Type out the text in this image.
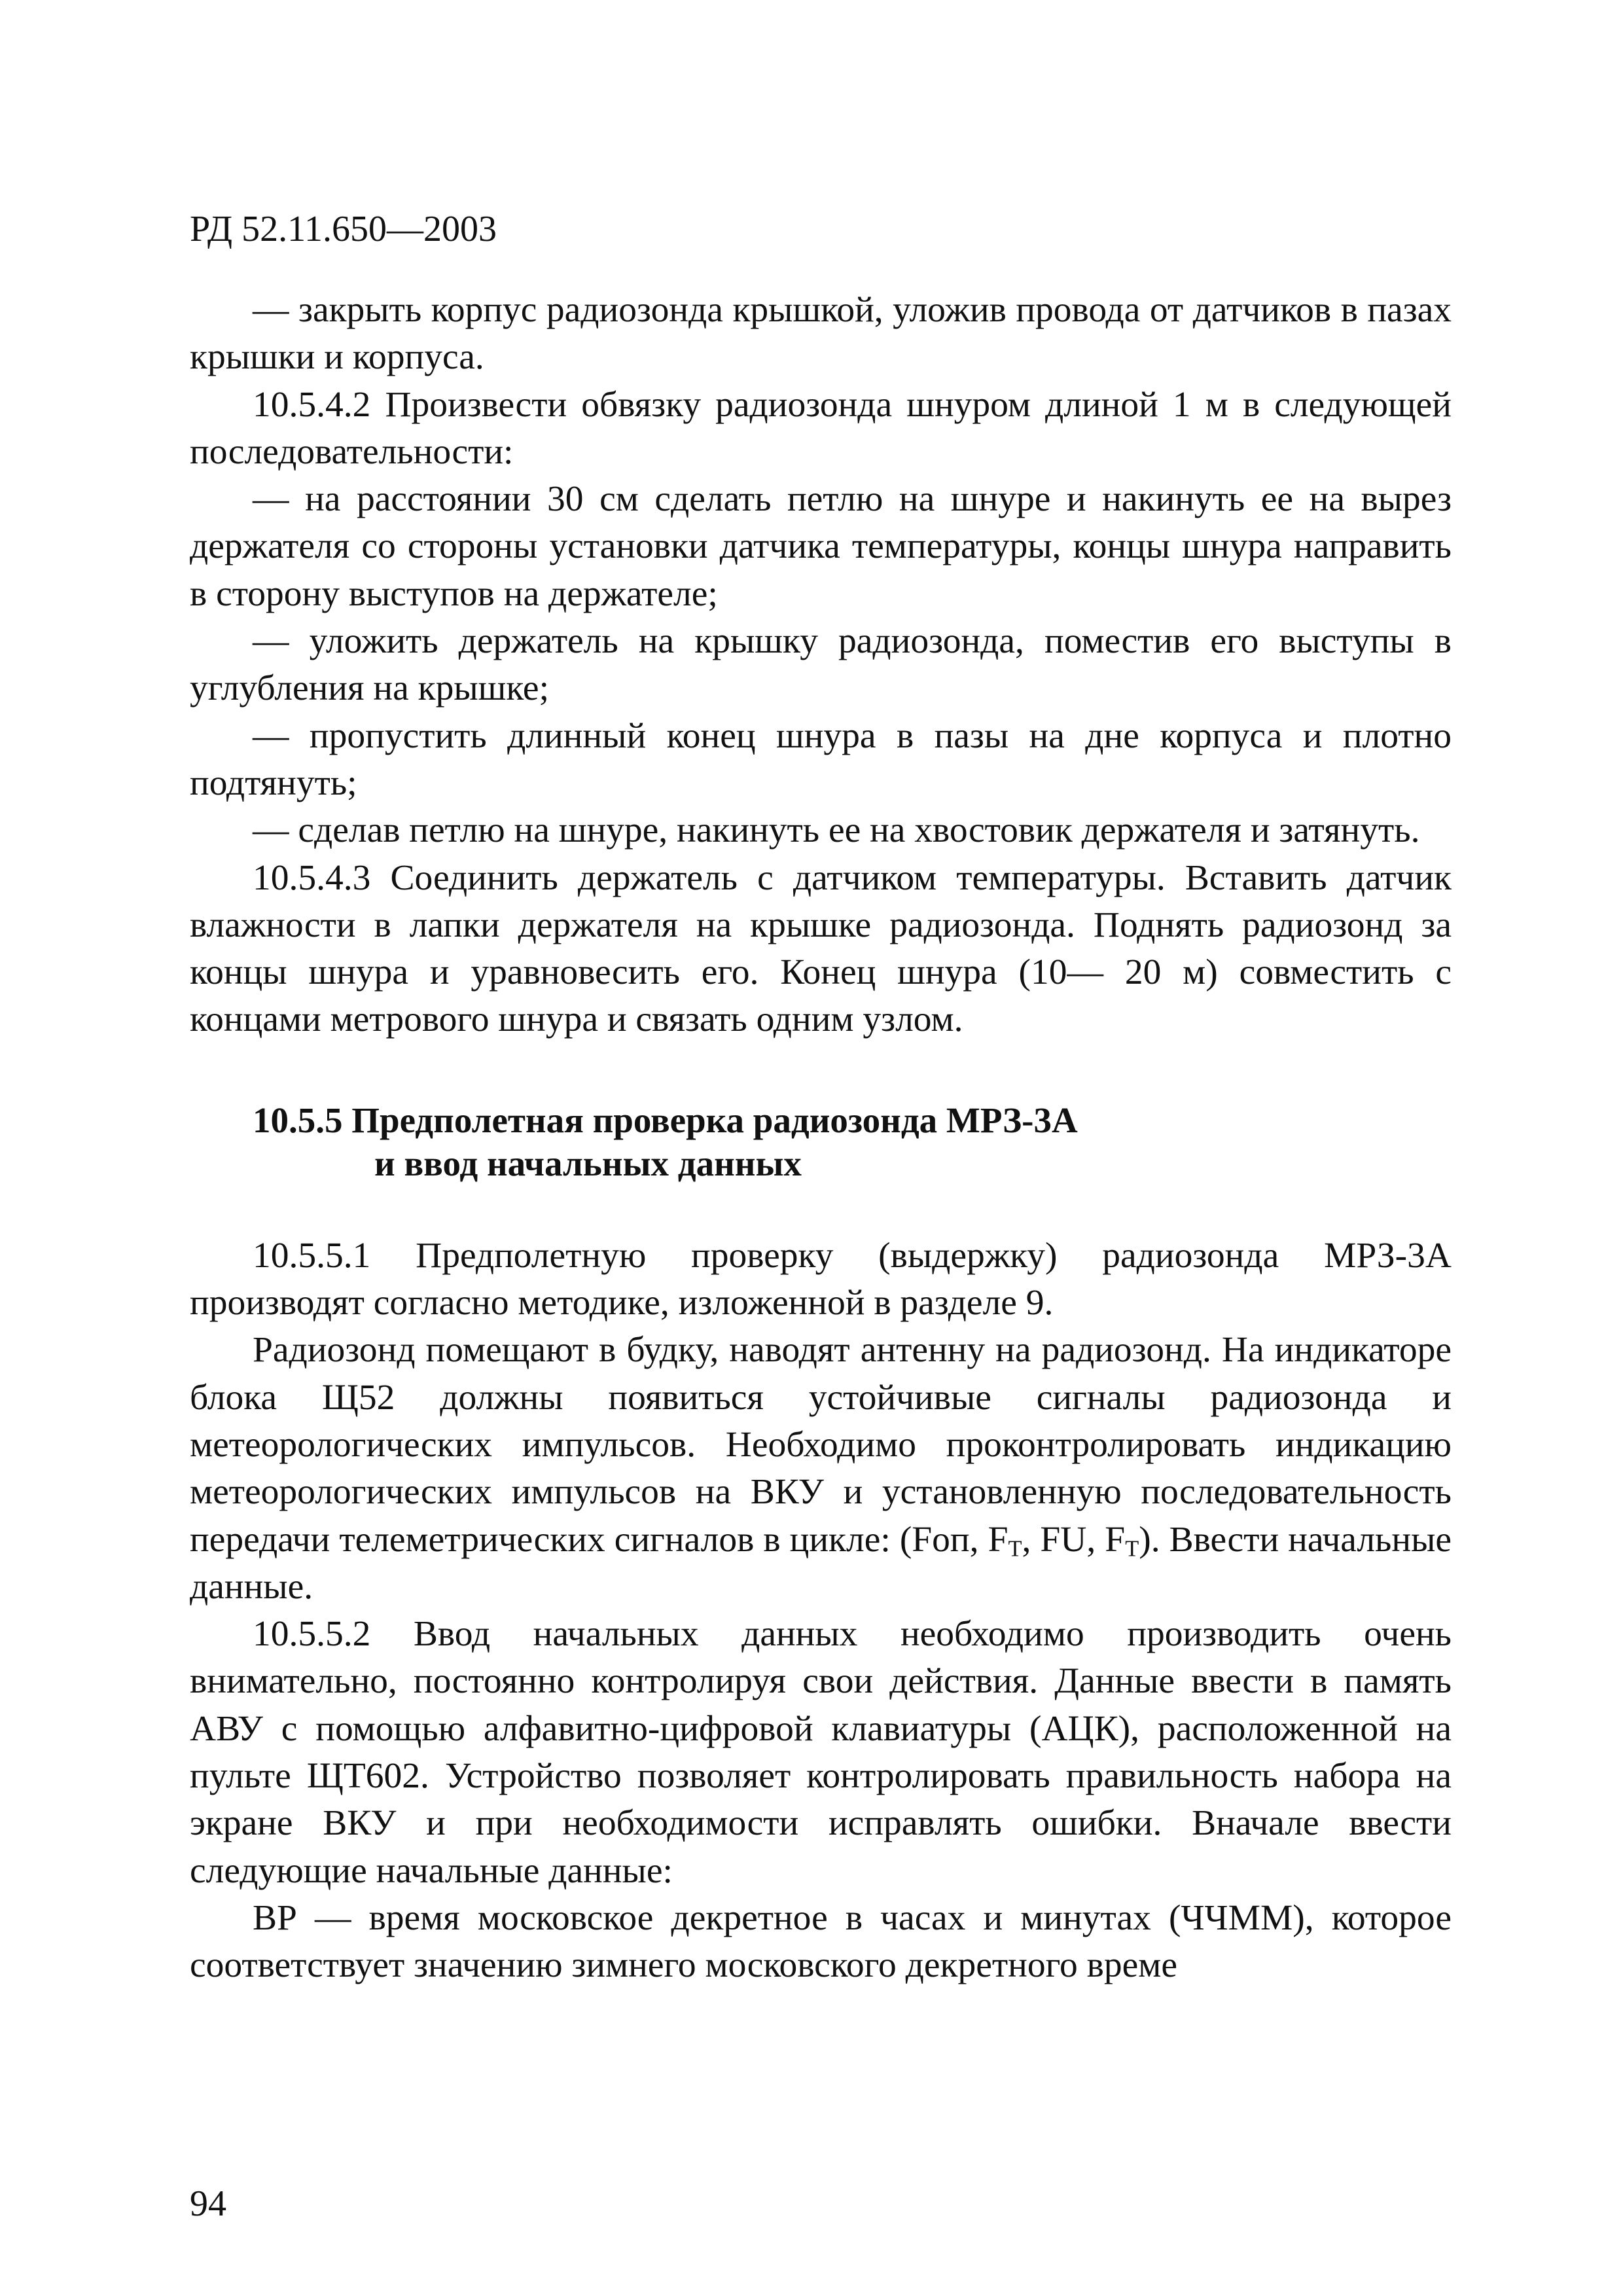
РД 52.11.650—2003

— закрыть корпус радиозонда крышкой, уложив провода от датчиков в пазах крышки и корпуса.

10.5.4.2 Произвести обвязку радиозонда шнуром длиной 1 м в следующей последовательности:

— на расстоянии 30 см сделать петлю на шнуре и накинуть ее на вырез держателя со стороны установки датчика температуры, концы шнура направить в сторону выступов на держателе;

— уложить держатель на крышку радиозонда, поместив его выступы в углубления на крышке;

— пропустить длинный конец шнура в пазы на дне корпуса и плотно подтянуть;

— сделав петлю на шнуре, накинуть ее на хвостовик держателя и затянуть.

10.5.4.3 Соединить держатель с датчиком температуры. Вставить датчик влажности в лапки держателя на крышке радиозонда. Поднять радиозонд за концы шнура и уравновесить его. Конец шнура (10— 20 м) совместить с концами метрового шнура и связать одним узлом.

10.5.5 Предполетная проверка радиозонда МРЗ-3А
и ввод начальных данных

10.5.5.1 Предполетную проверку (выдержку) радиозонда МРЗ-3А производят согласно методике, изложенной в разделе 9.

Радиозонд помещают в будку, наводят антенну на радиозонд. На индикаторе блока Щ52 должны появиться устойчивые сигналы радиозонда и метеорологических импульсов. Необходимо проконтролировать индикацию метеорологических импульсов на ВКУ и установленную последовательность передачи телеметрических сигналов в цикле: (Fоп, $F_T$, FU, $F_T$). Ввести начальные данные.

10.5.5.2 Ввод начальных данных необходимо производить очень внимательно, постоянно контролируя свои действия. Данные ввести в память АВУ с помощью алфавитно-цифровой клавиатуры (АЦК), расположенной на пульте ЩТ602. Устройство позволяет контролировать правильность набора на экране ВКУ и при необходимости исправлять ошибки. Вначале ввести следующие начальные данные:

ВР — время московское декретное в часах и минутах (ЧЧММ), которое соответствует значению зимнего московского декретного време

94
